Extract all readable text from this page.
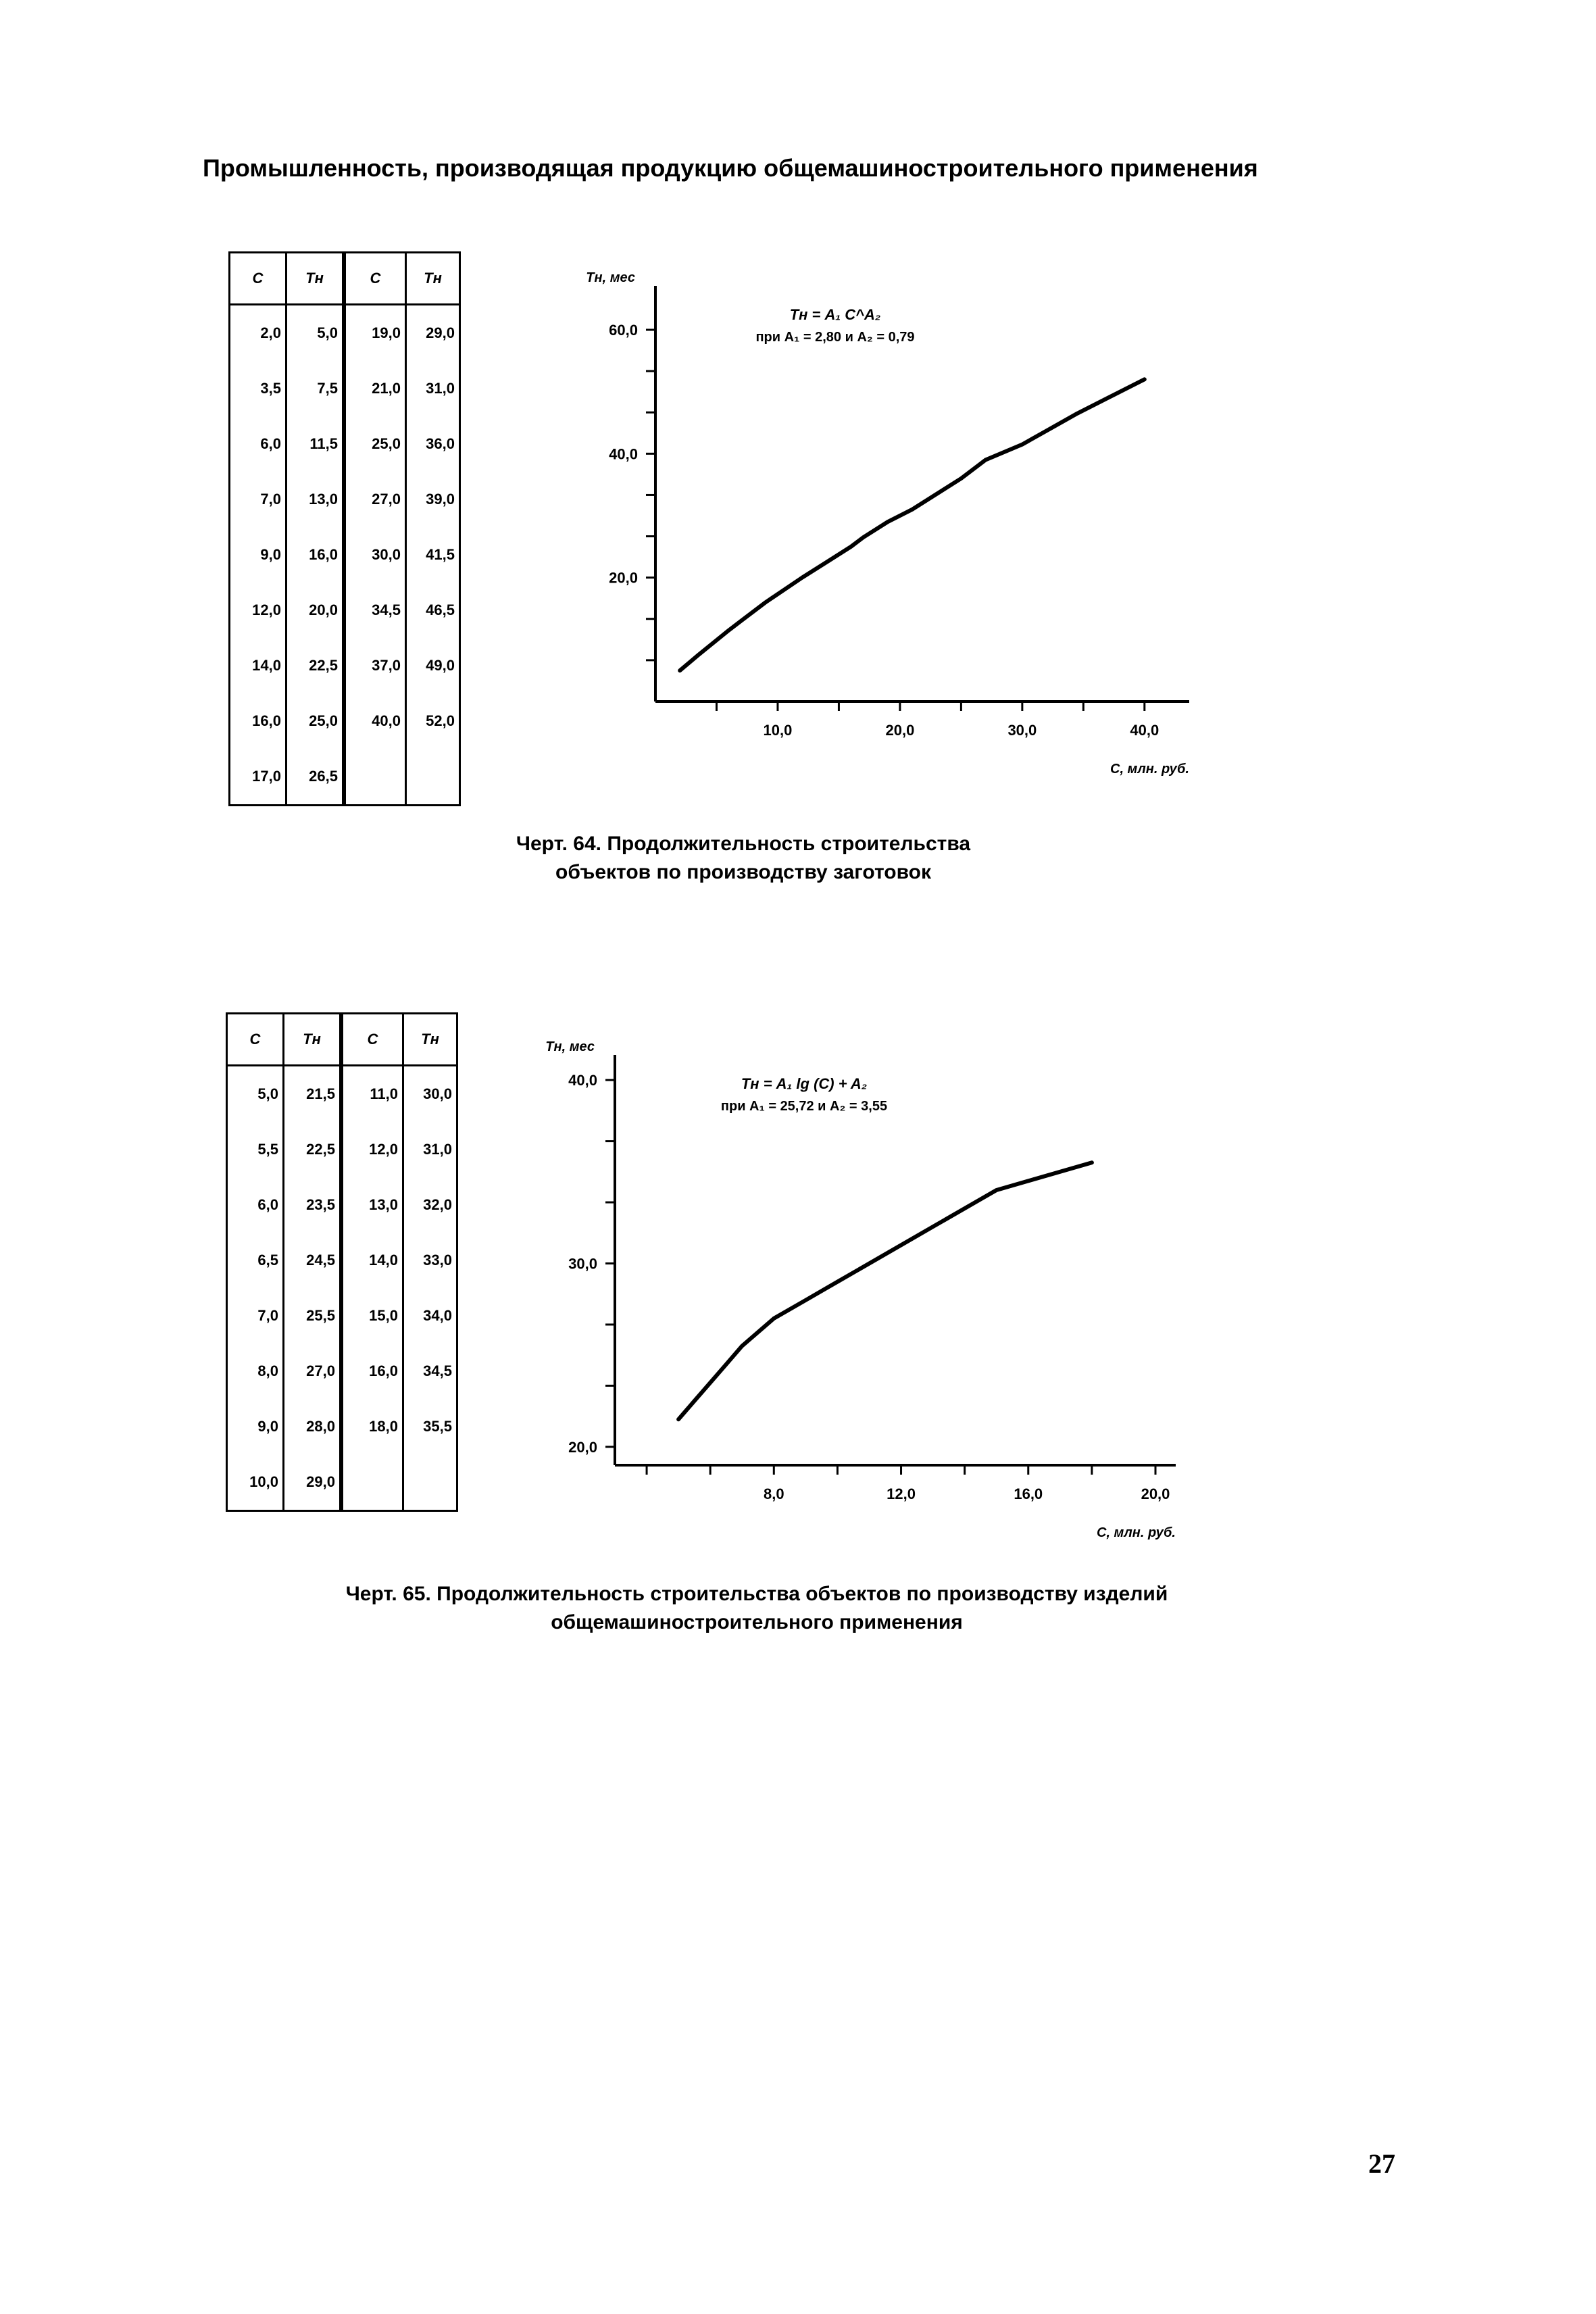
Промышленность, производящая продукцию общемашиностроительного применения
C	Тн	C	Тн
2,0	5,0	19,0	29,0
3,5	7,5	21,0	31,0
6,0	11,5	25,0	36,0
7,0	13,0	27,0	39,0
9,0	16,0	30,0	41,5
12,0	20,0	34,5	46,5
14,0	22,5	37,0	49,0
16,0	25,0	40,0	52,0
17,0	26,5		
20,0
40,0
60,0
10,0	20,0	30,0	40,0
Tн, мес
C, млн. руб.
Tн = A₁ C^A₂
при A₁ = 2,80 и A₂ = 0,79
Черт. 64. Продолжительность строительства
объектов по производству заготовок
C	Тн	C	Тн
5,0	21,5	11,0	30,0
5,5	22,5	12,0	31,0
6,0	23,5	13,0	32,0
6,5	24,5	14,0	33,0
7,0	25,5	15,0	34,0
8,0	27,0	16,0	34,5
9,0	28,0	18,0	35,5
10,0	29,0		
20,0
30,0
40,0
8,0	12,0	16,0	20,0
Tн, мес
C, млн. руб.
Tн = A₁ lg (C) + A₂
при A₁ = 25,72 и A₂ = 3,55
Черт. 65. Продолжительность строительства объектов по производству изделий
общемашиностроительного применения
27
